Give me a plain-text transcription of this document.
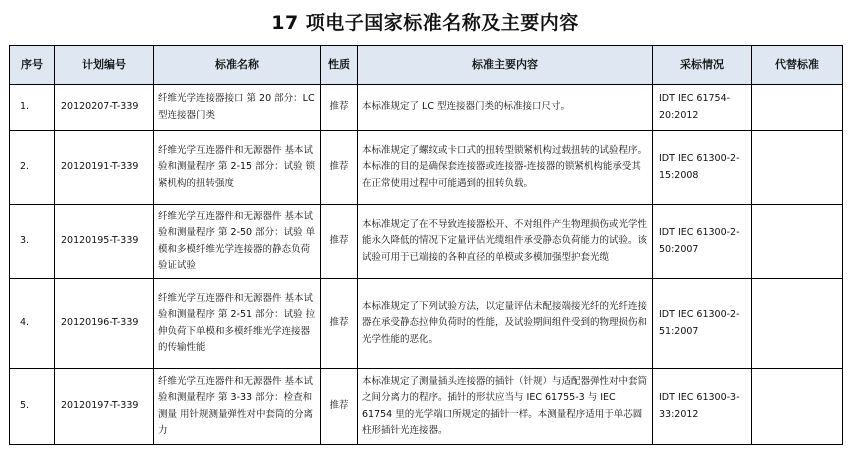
17 项电子国家标准名称及主要内容
序号	计划编号	标准名称	性质	标准主要内容	采标情况	代替标准
1.	20120207-T-339	纤维光学连接器接口 第 20 部分：LC 型连接器门类	推荐	本标准规定了 LC 型连接器门类的标准接口尺寸。	IDT IEC 61754-20:2012	
2.	20120191-T-339	纤维光学互连器件和无源器件 基本试验和测量程序 第 2-15 部分：试验 锁紧机构的扭转强度	推荐	本标准规定了螺纹或卡口式的扭转型锁紧机构过载扭转的试验程序。本标准的目的是确保套连接器或连接器-连接器的锁紧机构能承受其在正常使用过程中可能遇到的扭转负载。	IDT IEC 61300-2-15:2008	
3.	20120195-T-339	纤维光学互连器件和无源器件 基本试验和测量程序 第 2-50 部分：试验 单模和多模纤维光学连接器的静态负荷验证试验	推荐	本标准规定了在不导致连接器松开、不对组件产生物理损伤或光学性能永久降低的情况下定量评估光缆组件承受静态负荷能力的试验。该试验可用于已端接的各种直径的单模或多模加强型护套光缆	IDT IEC 61300-2-50:2007	
4.	20120196-T-339	纤维光学互连器件和无源器件 基本试验和测量程序 第 2-51 部分：试验 拉伸负荷下单模和多模纤维光学连接器的传输性能	推荐	本标准规定了下列试验方法，以定量评估未配接端接光纤的光纤连接器在承受静态拉伸负荷时的性能，及试验期间组件受到的物理损伤和光学性能的恶化。	IDT IEC 61300-2-51:2007	
5.	20120197-T-339	纤维光学互连器件和无源器件 基本试验和测量程序 第 3-33 部分：检查和测量 用针规测量弹性对中套筒的分离力	推荐	本标准规定了测量插头连接器的插针（针规）与适配器弹性对中套筒之间分离力的程序。插针的形状应当与 IEC 61755-3 与 IEC 61754 里的光学端口所规定的插针一样。本测量程序适用于单芯圆柱形插针光连接器。	IDT IEC 61300-3-33:2012	
